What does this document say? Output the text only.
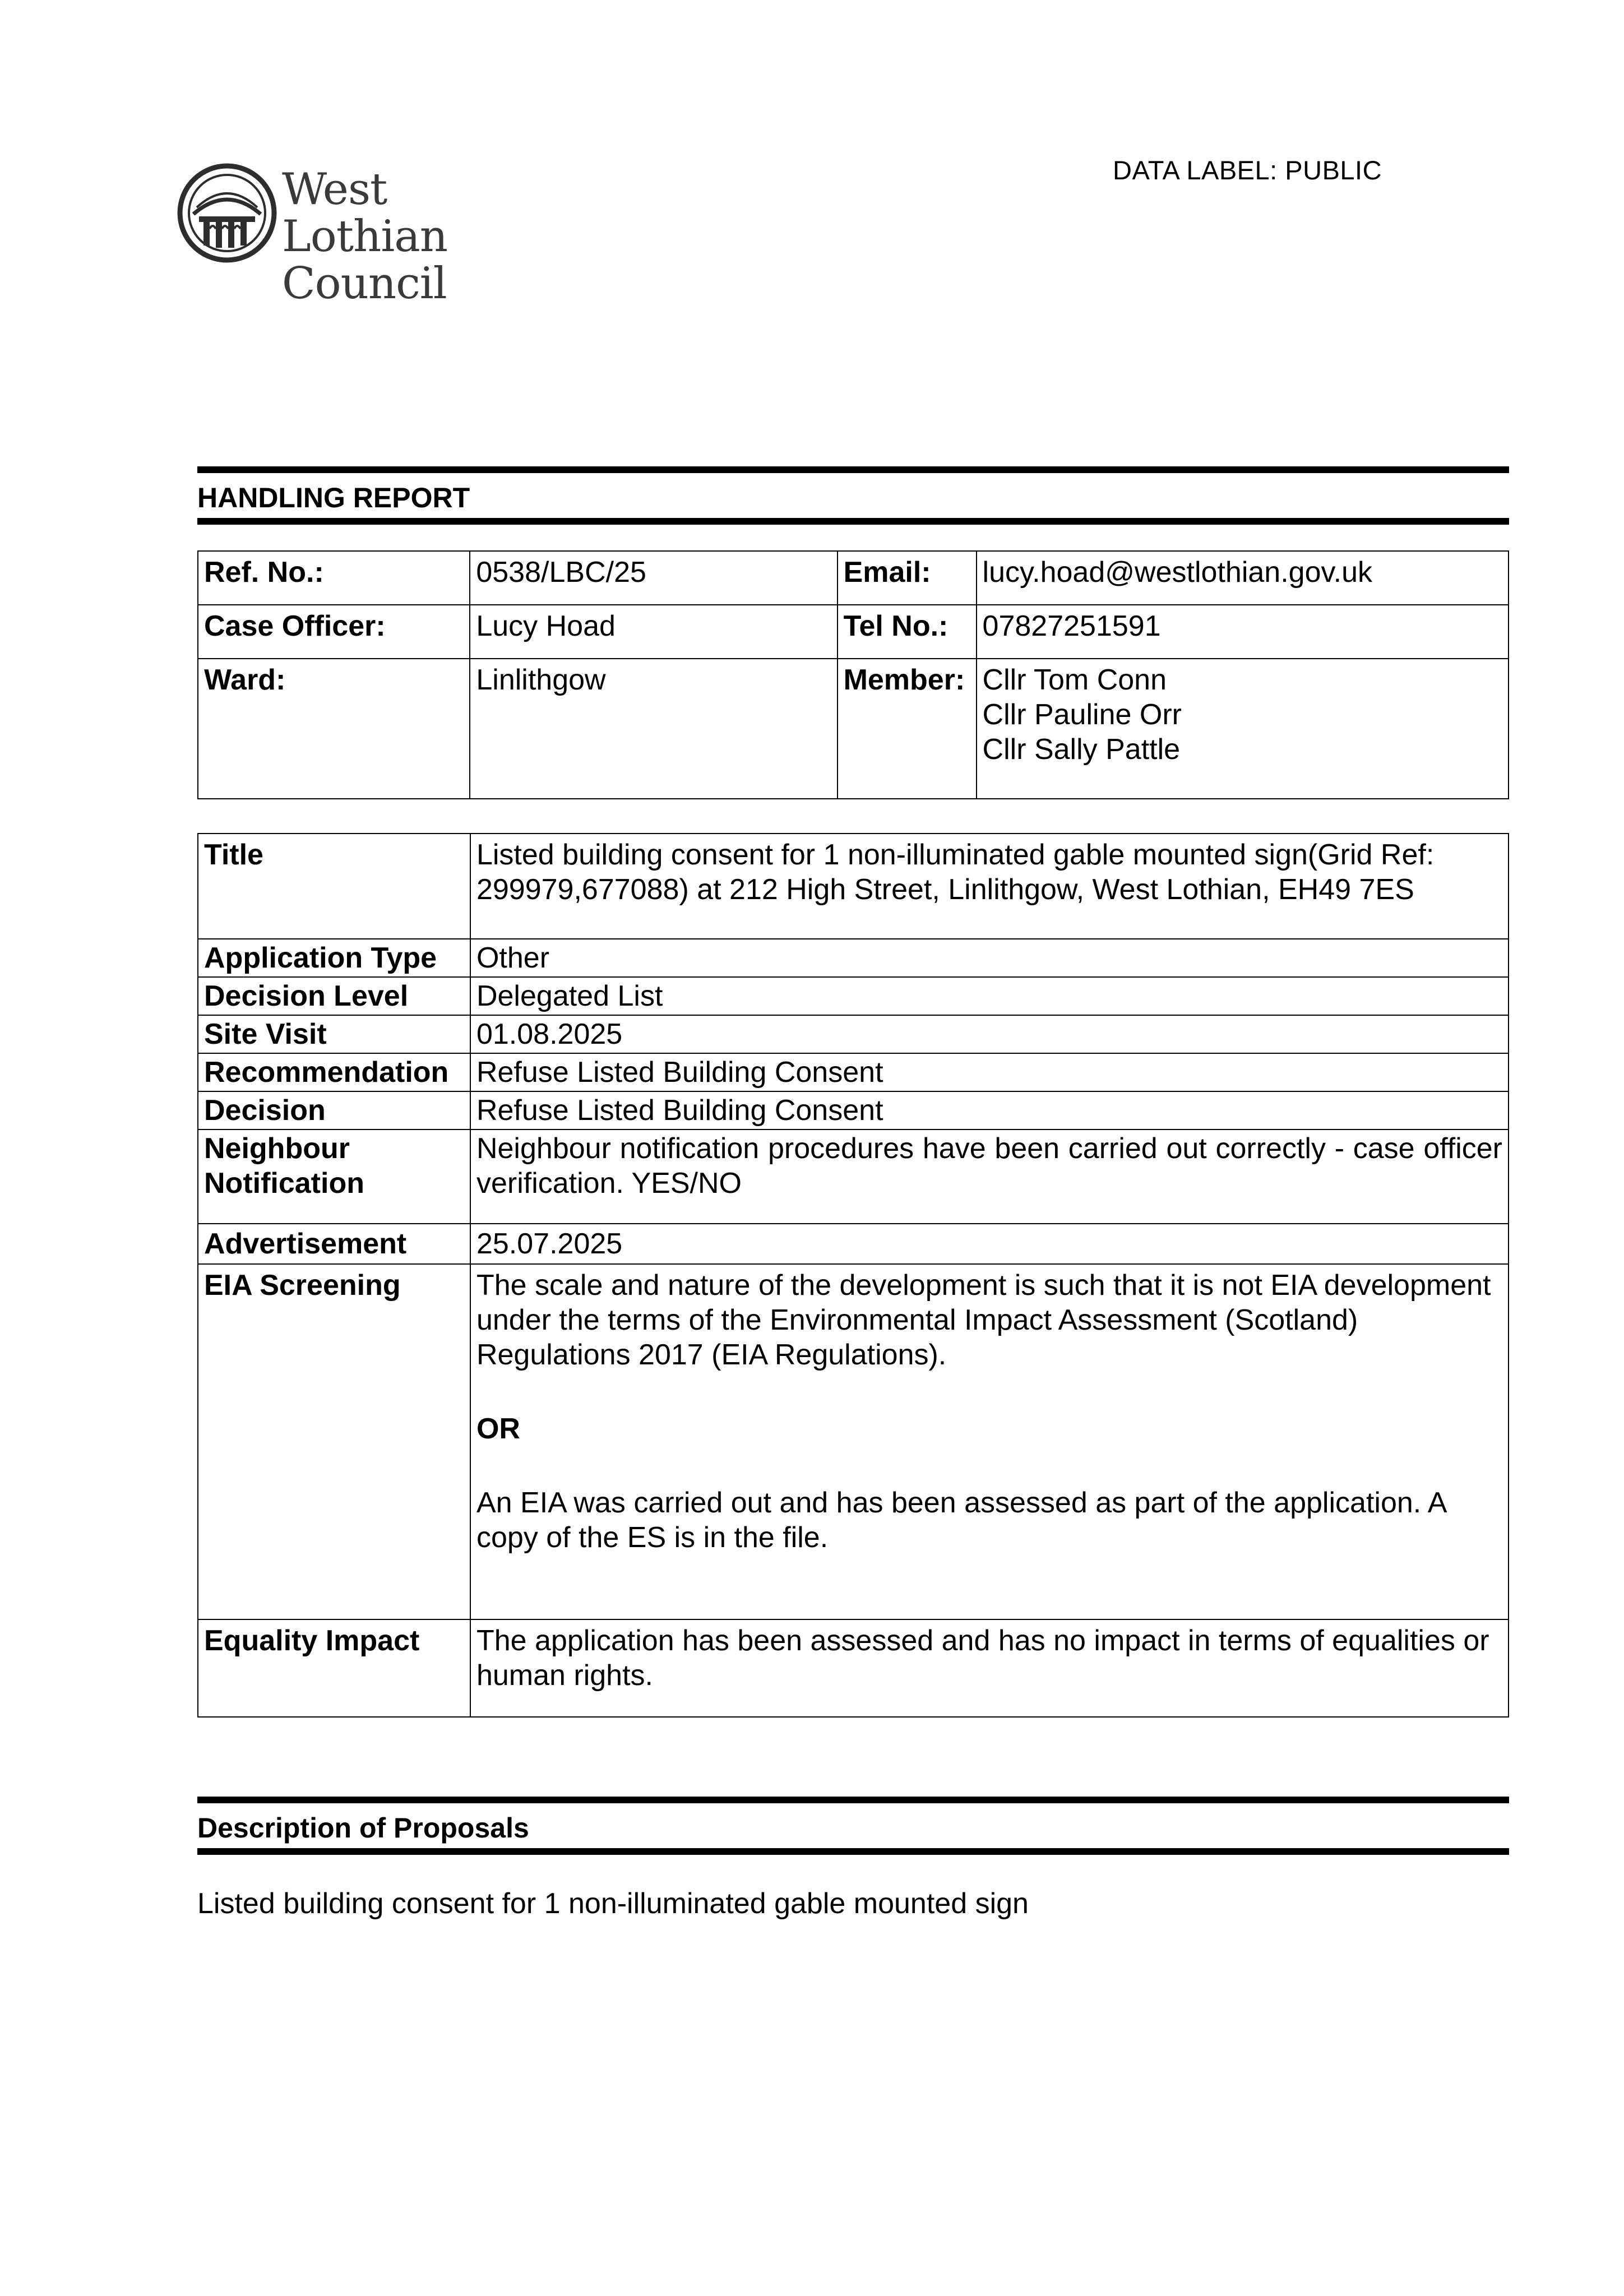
DATA LABEL: PUBLIC
West Lothian
Council
HANDLING REPORT
Ref. No.:	0538/LBC/25	Email:	lucy.hoad@westlothian.gov.uk
Case Officer:	Lucy Hoad	Tel No.:	07827251591
Ward:	Linlithgow	Member:	Cllr Tom Conn
Cllr Pauline Orr
Cllr Sally Pattle
Title	Listed building consent for 1 non-illuminated gable mounted sign(Grid Ref: 299979,677088) at 212 High Street, Linlithgow, West Lothian, EH49 7ES
Application Type	Other
Decision Level	Delegated List
Site Visit	01.08.2025
Recommendation	Refuse Listed Building Consent
Decision	Refuse Listed Building Consent
Neighbour Notification	Neighbour notification procedures have been carried out correctly - case officer verification. YES/NO
Advertisement	25.07.2025
EIA Screening	The scale and nature of the development is such that it is not EIA development under the terms of the Environmental Impact Assessment (Scotland) Regulations 2017 (EIA Regulations).
OR
An EIA was carried out and has been assessed as part of the application. A copy of the ES is in the file.

Equality Impact	The application has been assessed and has no impact in terms of equalities or human rights.
Description of Proposals
Listed building consent for 1 non-illuminated gable mounted sign
